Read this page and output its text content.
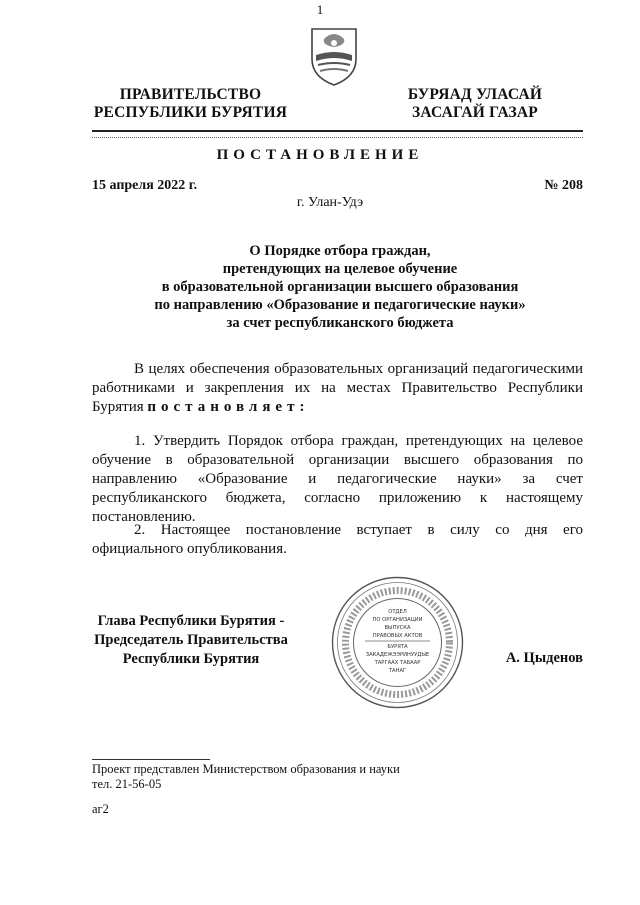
1
ПРАВИТЕЛЬСТВО
РЕСПУБЛИКИ БУРЯТИЯ
БУРЯАД УЛАСАЙ
ЗАСАГАЙ ГАЗАР
ПОСТАНОВЛЕНИЕ
15 апреля 2022 г.	№ 208
г. Улан-Удэ
О Порядке отбора граждан,
претендующих на целевое обучение
в образовательной организации высшего образования
по направлению «Образование и педагогические науки»
за счет республиканского бюджета

В целях обеспечения образовательных организаций педагогическими работниками и закрепления их на местах Правительство Республики Бурятия постановляет:

1. Утвердить Порядок отбора граждан, претендующих на целевое обучение в образовательной организации высшего образования по направлению «Образование и педагогические науки» за счет республиканского бюджета, согласно приложению к настоящему постановлению.

2. Настоящее постановление вступает в силу со дня его официального опубликования.

Глава Республики Бурятия -
Председатель Правительства
Республики Бурятия
ОТДЕЛ
ПО ОРГАНИЗАЦИИ
ВЫПУСКА
ПРАВОВЫХ АКТОВ
БУРЯТА
ЗАКАДЕЖЭЭРИНУУДЫЕ
ТАРГААХ ТАБААР
ТАНАГ
А. Цыденов
Проект представлен Министерством образования и науки
тел. 21-56-05
аг2
